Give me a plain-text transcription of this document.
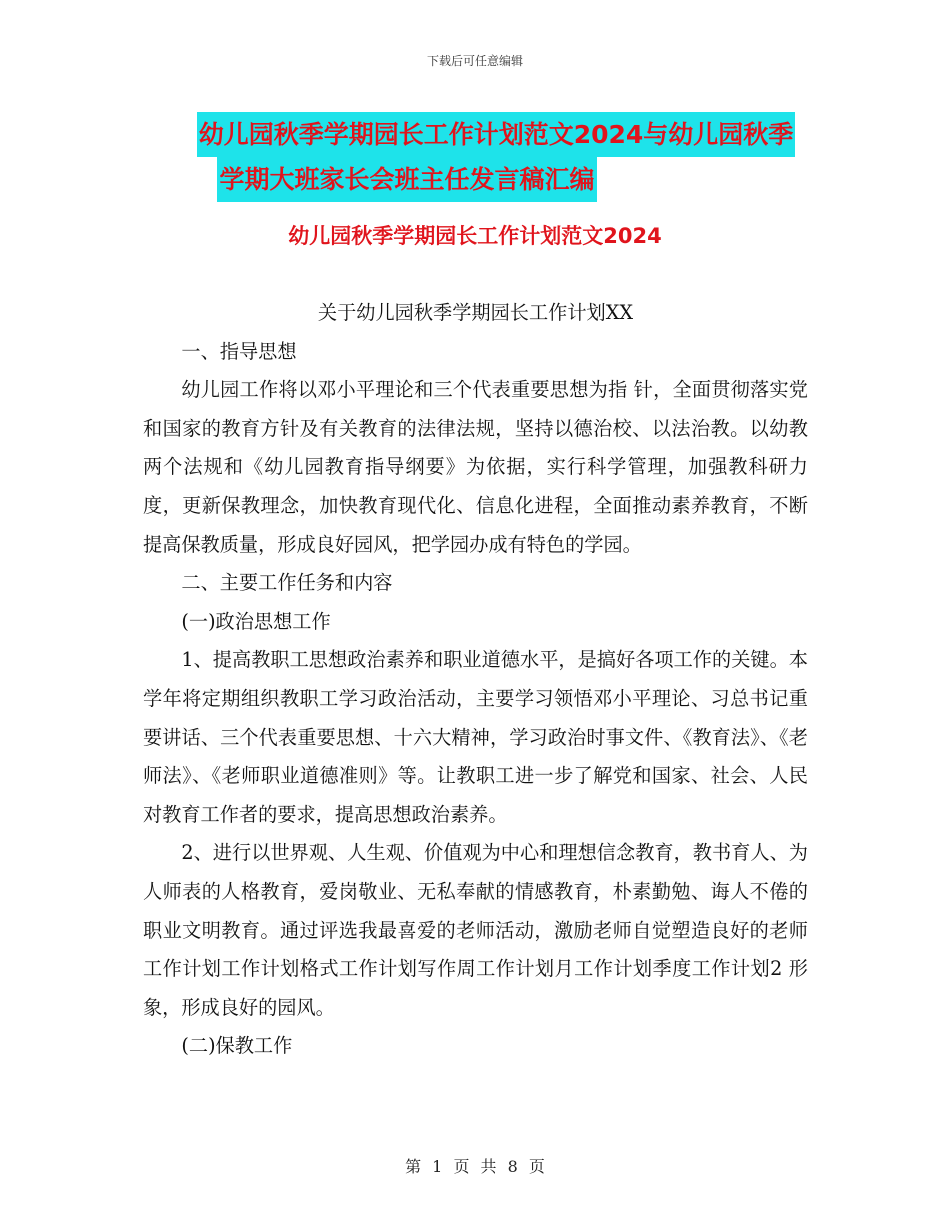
下载后可任意编辑
幼儿园秋季学期园长工作计划范文2024与幼儿园秋季
学期大班家长会班主任发言稿汇编
幼儿园秋季学期园长工作计划范文2024

关于幼儿园秋季学期园长工作计划XX

一、指导思想

幼儿园工作将以邓小平理论和三个代表重要思想为指 针，全面贯彻落实党和国家的教育方针及有关教育的法律法规，坚持以德治校、以法治教。以幼教两个法规和《幼儿园教育指导纲要》为依据，实行科学管理，加强教科研力度，更新保教理念，加快教育现代化、信息化进程，全面推动素养教育，不断提高保教质量，形成良好园风，把学园办成有特色的学园。

二、主要工作任务和内容

(一)政治思想工作

1、提高教职工思想政治素养和职业道德水平，是搞好各项工作的关键。本学年将定期组织教职工学习政治活动，主要学习领悟邓小平理论、习总书记重要讲话、三个代表重要思想、十六大精神，学习政治时事文件、《教育法》、《老师法》、《老师职业道德准则》等。让教职工进一步了解党和国家、社会、人民对教育工作者的要求，提高思想政治素养。

2、进行以世界观、人生观、价值观为中心和理想信念教育，教书育人、为人师表的人格教育，爱岗敬业、无私奉献的情感教育，朴素勤勉、诲人不倦的职业文明教育。通过评选我最喜爱的老师活动，激励老师自觉塑造良好的老师 工作计划工作计划格式工作计划写作周工作计划月工作计划季度工作计划2 形象，形成良好的园风。

(二)保教工作

第 1 页 共 8 页
